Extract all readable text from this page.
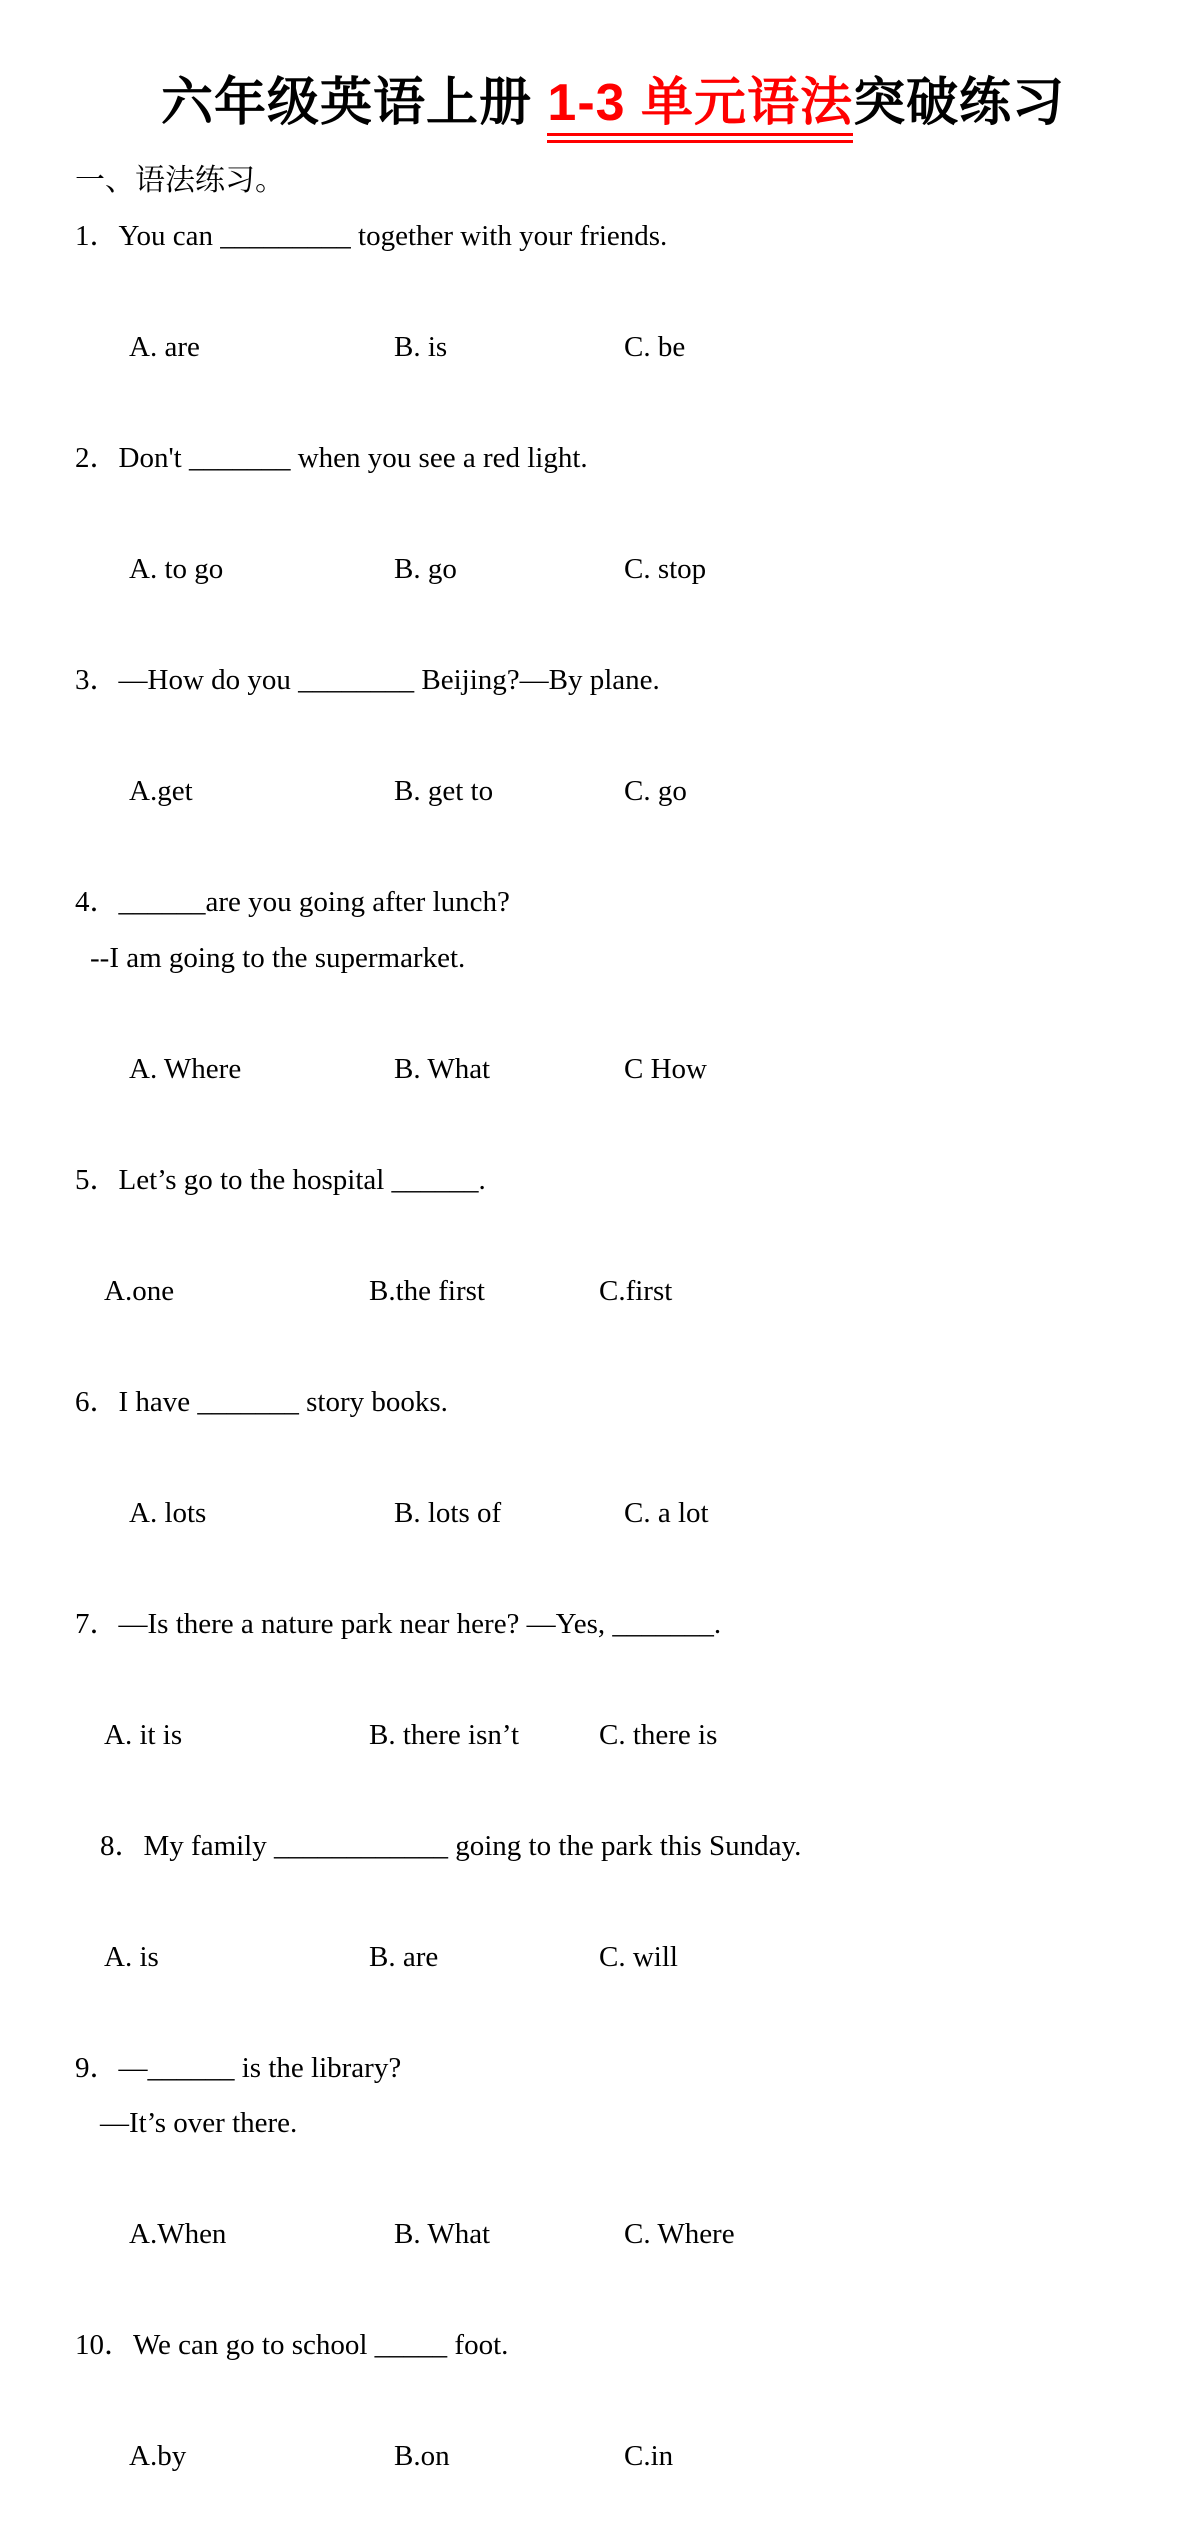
六年级英语上册 1-3 单元语法突破练习
一、语法练习。
1．You can _________ together with your friends.

A. are	B. is	C. be

2．Don't _______ when you see a red light.

A. to go	B. go	C. stop

3．—How do you ________ Beijing?—By plane.

A.get	B. get to	C. go

4．______are you going after lunch?
--I am going to the supermarket.

A. Where	B. What	C How

5．Let’s go to the hospital ______.

A.one	B.the first	C.first

6．I have _______ story books.

A. lots	B. lots of	C. a lot

7．—Is there a nature park near here? —Yes, _______.

A. it is	B. there isn’t	C. there is

8．My family ____________ going to the park this Sunday.

A. is	B. are	C. will

9．—______ is the library?
—It’s over there.

A.When	B. What	C. Where

10．We can go to school _____ foot.

A.by	B.on	C.in
